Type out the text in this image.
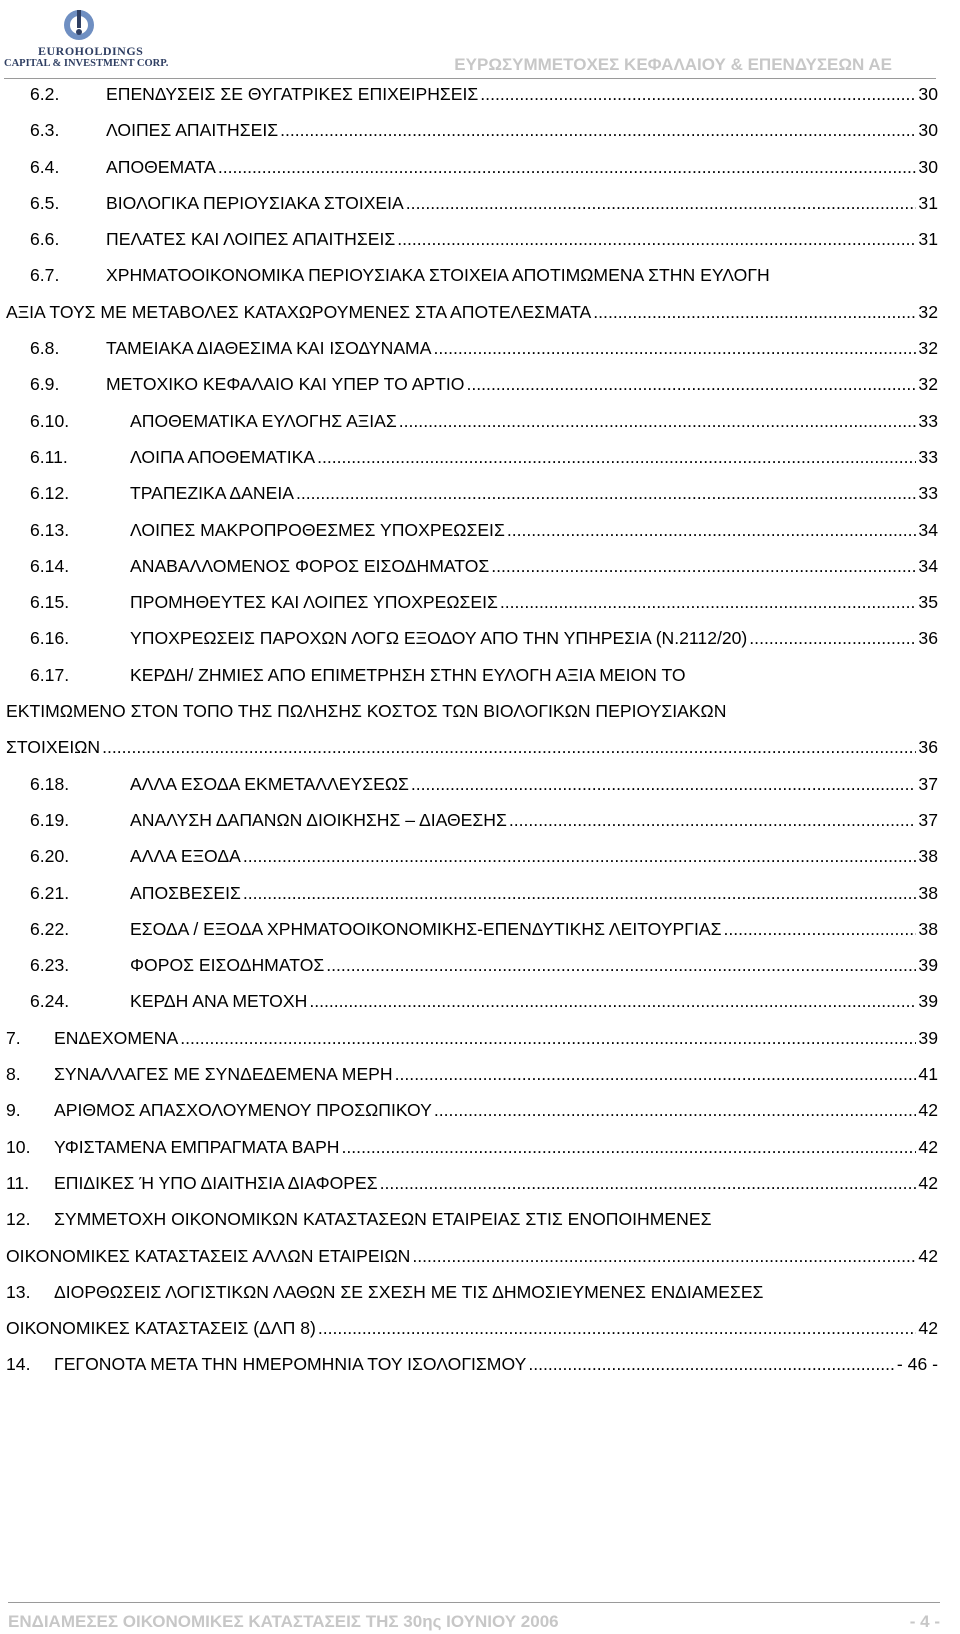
EUROHOLDINGS
CAPITAL & INVESTMENT CORP.	ΕΥΡΩΣΥΜΜΕΤΟΧΕΣ ΚΕΦΑΛΑΙΟΥ & ΕΠΕΝΔΥΣΕΩΝ ΑΕ
6.2.	ΕΠΕΝΔΥΣΕΙΣ ΣΕ ΘΥΓΑΤΡΙΚΕΣ ΕΠΙΧΕΙΡΗΣΕΙΣ .....	30
6.3.	ΛΟΙΠΕΣ ΑΠΑΙΤΗΣΕΙΣ .....	30
6.4.	ΑΠΟΘΕΜΑΤΑ .....	30
6.5.	ΒΙΟΛΟΓΙΚΑ ΠΕΡΙΟΥΣΙΑΚΑ ΣΤΟΙΧΕΙΑ .....	31
6.6.	ΠΕΛΑΤΕΣ ΚΑΙ ΛΟΙΠΕΣ ΑΠΑΙΤΗΣΕΙΣ .....	31
6.7.	ΧΡΗΜΑΤΟΟΙΚΟΝΟΜΙΚΑ ΠΕΡΙΟΥΣΙΑΚΑ ΣΤΟΙΧΕΙΑ ΑΠΟΤΙΜΩΜΕΝΑ ΣΤΗΝ ΕΥΛΟΓΗ
ΑΞΙΑ ΤΟΥΣ ΜΕ ΜΕΤΑΒΟΛΕΣ ΚΑΤΑΧΩΡΟΥΜΕΝΕΣ ΣΤΑ ΑΠΟΤΕΛΕΣΜΑΤΑ .....	32
6.8.	ΤΑΜΕΙΑΚΑ ΔΙΑΘΕΣΙΜΑ ΚΑΙ ΙΣΟΔΥΝΑΜΑ .....	32
6.9.	ΜΕΤΟΧΙΚΟ ΚΕΦΑΛΑΙΟ ΚΑΙ ΥΠΕΡ ΤΟ ΑΡΤΙΟ .....	32
6.10.	ΑΠΟΘΕΜΑΤΙΚΑ ΕΥΛΟΓΗΣ ΑΞΙΑΣ .....	33
6.11.	ΛΟΙΠΑ ΑΠΟΘΕΜΑΤΙΚΑ .....	33
6.12.	ΤΡΑΠΕΖΙΚΑ ΔΑΝΕΙΑ .....	33
6.13.	ΛΟΙΠΕΣ ΜΑΚΡΟΠΡΟΘΕΣΜΕΣ ΥΠΟΧΡΕΩΣΕΙΣ .....	34
6.14.	ΑΝΑΒΑΛΛΟΜΕΝΟΣ ΦΟΡΟΣ ΕΙΣΟΔΗΜΑΤΟΣ .....	34
6.15.	ΠΡΟΜΗΘΕΥΤΕΣ ΚΑΙ ΛΟΙΠΕΣ ΥΠΟΧΡΕΩΣΕΙΣ .....	35
6.16.	ΥΠΟΧΡΕΩΣΕΙΣ ΠΑΡΟΧΩΝ ΛΟΓΩ ΕΞΟΔΟΥ ΑΠΟ ΤΗΝ ΥΠΗΡΕΣΙΑ (Ν.2112/20) .....	36
6.17.	ΚΕΡΔΗ/ ΖΗΜΙΕΣ ΑΠΟ ΕΠΙΜΕΤΡΗΣΗ ΣΤΗΝ ΕΥΛΟΓΗ ΑΞΙΑ ΜΕΙΟΝ ΤΟ
ΕΚΤΙΜΩΜΕΝΟ ΣΤΟΝ ΤΟΠΟ ΤΗΣ ΠΩΛΗΣΗΣ ΚΟΣΤΟΣ ΤΩΝ ΒΙΟΛΟΓΙΚΩΝ ΠΕΡΙΟΥΣΙΑΚΩΝ
ΣΤΟΙΧΕΙΩΝ .....	36
6.18.	ΑΛΛΑ ΕΣΟΔΑ ΕΚΜΕΤΑΛΛΕΥΣΕΩΣ .....	37
6.19.	ΑΝΑΛΥΣΗ ΔΑΠΑΝΩΝ ΔΙΟΙΚΗΣΗΣ – ΔΙΑΘΕΣΗΣ .....	37
6.20.	ΑΛΛΑ ΕΞΟΔΑ .....	38
6.21.	ΑΠΟΣΒΕΣΕΙΣ .....	38
6.22.	ΕΣΟΔΑ / ΕΞΟΔΑ ΧΡΗΜΑΤΟΟΙΚΟΝΟΜΙΚΗΣ-ΕΠΕΝΔΥΤΙΚΗΣ ΛΕΙΤΟΥΡΓΙΑΣ .....	38
6.23.	ΦΟΡΟΣ ΕΙΣΟΔΗΜΑΤΟΣ .....	39
6.24.	ΚΕΡΔΗ ΑΝΑ ΜΕΤΟΧΗ .....	39
7.	ΕΝΔΕΧΟΜΕΝΑ .....	39
8.	ΣΥΝΑΛΛΑΓΕΣ ΜΕ ΣΥΝΔΕΔΕΜΕΝΑ ΜΕΡΗ .....	41
9.	ΑΡΙΘΜΟΣ ΑΠΑΣΧΟΛΟΥΜΕΝΟΥ ΠΡΟΣΩΠΙΚΟΥ .....	42
10.	ΥΦΙΣΤΑΜΕΝΑ ΕΜΠΡΑΓΜΑΤΑ ΒΑΡΗ .....	42
11.	ΕΠΙΔΙΚΕΣ Ή ΥΠΟ ΔΙΑΙΤΗΣΙΑ ΔΙΑΦΟΡΕΣ .....	42
12.	ΣΥΜΜΕΤΟΧΗ ΟΙΚΟΝΟΜΙΚΩΝ ΚΑΤΑΣΤΑΣΕΩΝ ΕΤΑΙΡΕΙΑΣ ΣΤΙΣ ΕΝΟΠΟΙΗΜΕΝΕΣ
ΟΙΚΟΝΟΜΙΚΕΣ ΚΑΤΑΣΤΑΣΕΙΣ ΑΛΛΩΝ ΕΤΑΙΡΕΙΩΝ .....	42
13.	ΔΙΟΡΘΩΣΕΙΣ ΛΟΓΙΣΤΙΚΩΝ ΛΑΘΩΝ ΣΕ ΣΧΕΣΗ ΜΕ ΤΙΣ ΔΗΜΟΣΙΕΥΜΕΝΕΣ ΕΝΔΙΑΜΕΣΕΣ
ΟΙΚΟΝΟΜΙΚΕΣ ΚΑΤΑΣΤΑΣΕΙΣ (ΔΛΠ 8) .....	42
14.	ΓΕΓΟΝΟΤΑ ΜΕΤΑ ΤΗΝ ΗΜΕΡΟΜΗΝΙΑ ΤΟΥ ΙΣΟΛΟΓΙΣΜΟΥ .....	- 46 -
ΕΝΔΙΑΜΕΣΕΣ ΟΙΚΟΝΟΜΙΚΕΣ ΚΑΤΑΣΤΑΣΕΙΣ ΤΗΣ 30ης ΙΟΥΝΙΟΥ 2006	- 4 -
